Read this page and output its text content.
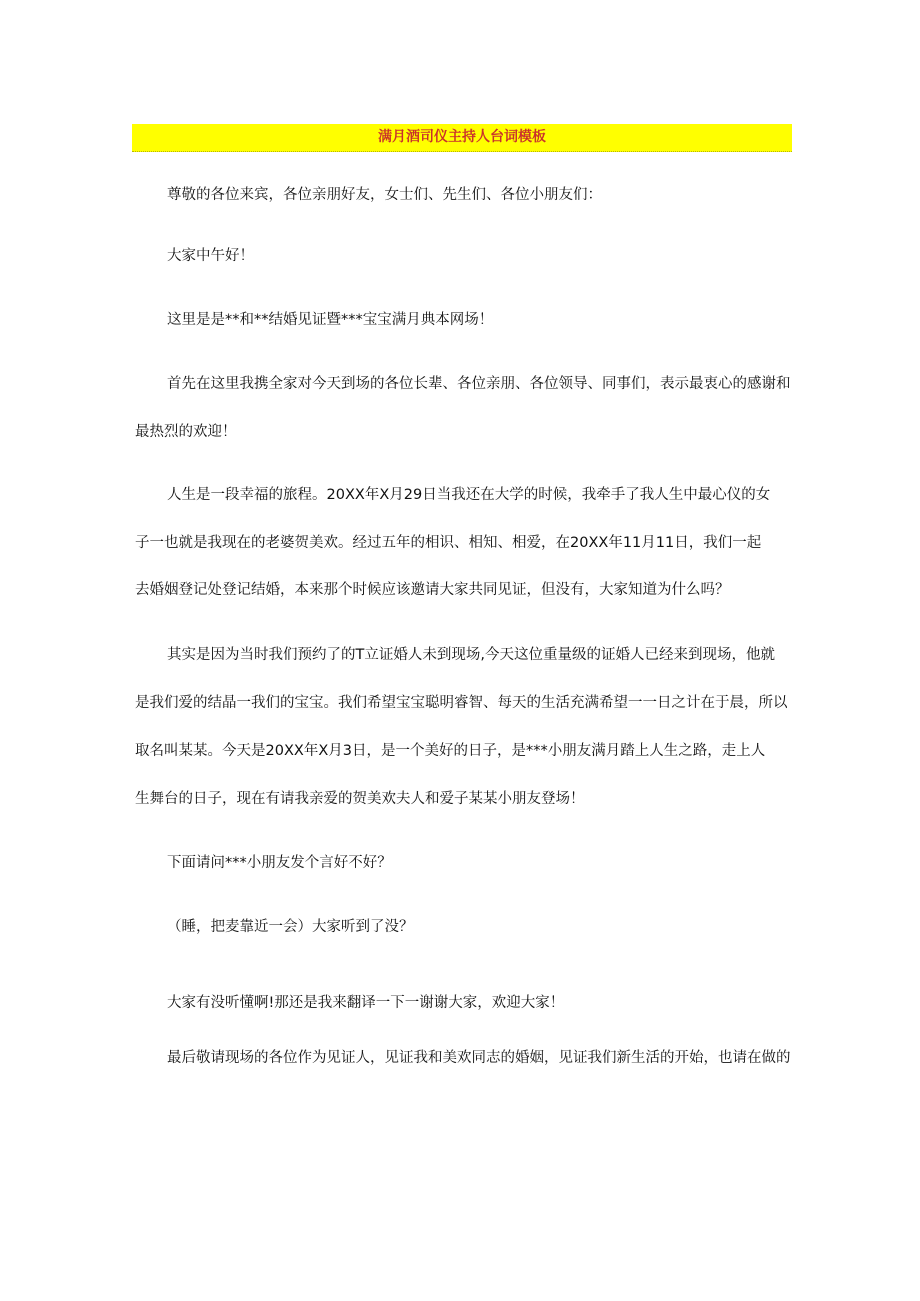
满月酒司仪主持人台词模板
尊敬的各位来宾，各位亲朋好友，女士们、先生们、各位小朋友们：
大家中午好！
这里是是**和**结婚见证暨***宝宝满月典本网场！
首先在这里我携全家对今天到场的各位长辈、各位亲朋、各位领导、同事们，表示最衷心的感谢和
最热烈的欢迎！
人生是一段幸福的旅程。20XX年X月29日当我还在大学的时候，我牵手了我人生中最心仪的女
子一也就是我现在的老婆贺美欢。经过五年的相识、相知、相爱，在20XX年11月11日，我们一起
去婚姻登记处登记结婚，本来那个时候应该邀请大家共同见证，但没有，大家知道为什么吗？
其实是因为当时我们预约了的T立证婚人未到现场,今天这位重量级的证婚人已经来到现场，他就
是我们爱的结晶一我们的宝宝。我们希望宝宝聪明睿智、每天的生活充满希望一一日之计在于晨，所以
取名叫某某。今天是20XX年X月3日，是一个美好的日子，是***小朋友满月踏上人生之路，走上人
生舞台的日子，现在有请我亲爱的贺美欢夫人和爱子某某小朋友登场！
下面请问***小朋友发个言好不好？
（睡，把麦靠近一会）大家听到了没？
大家有没听懂啊!那还是我来翻译一下一谢谢大家，欢迎大家！
最后敬请现场的各位作为见证人，见证我和美欢同志的婚姻，见证我们新生活的开始，也请在做的
